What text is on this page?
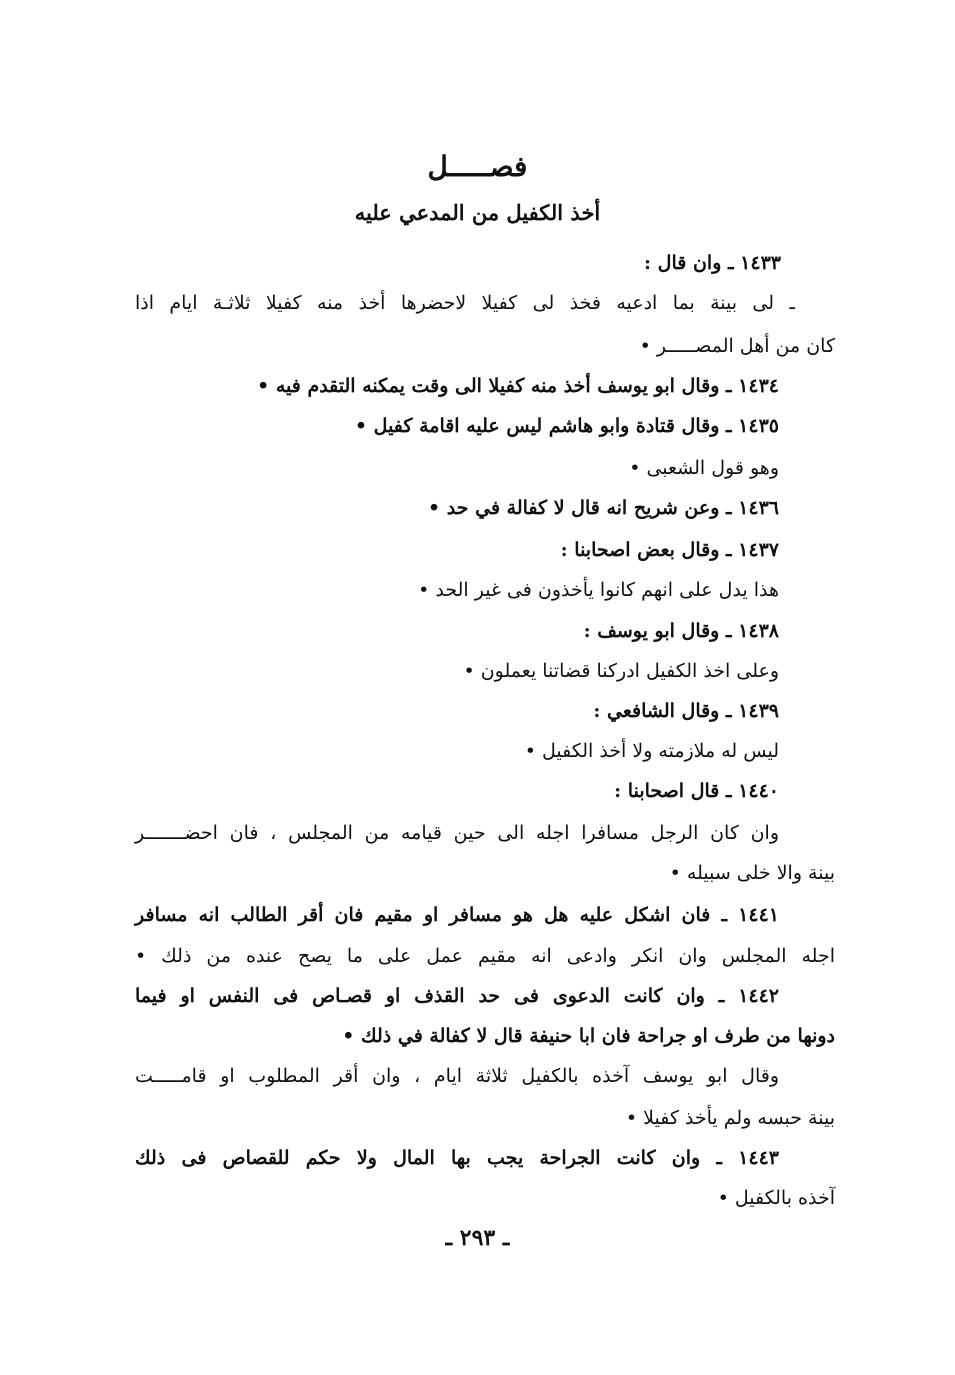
فصـــــل
أخذ الكفيل من المدعي عليه
١٤٣٣ ـ وان قال :
ـ لى بينة بما ادعيه فخذ لى كفيلا لاحضرها أخذ منه كفيلا ثلاثـة ايام اذا
كان من أهل المصـــــر •
١٤٣٤ ـ وقال ابو يوسف أخذ منه كفيلا الى وقت يمكنه التقدم فيه •
١٤٣٥ ـ وقال قتادة وابو هاشم ليس عليه اقامة كفيل •
وهو قول الشعبى •
١٤٣٦ ـ وعن شريح انه قال لا كفالة في حد •
١٤٣٧ ـ وقال بعض اصحابنا :
هذا يدل على انهم كانوا يأخذون فى غير الحد •
١٤٣٨ ـ وقال ابو يوسف :
وعلى اخذ الكفيل ادركنا قضاتنا يعملون •
١٤٣٩ ـ وقال الشافعي :
ليس له ملازمته ولا أخذ الكفيل •
١٤٤٠ ـ قال اصحابنا :
وان كان الرجل مسافرا اجله الى حين قيامه من المجلس ، فان احضـــــــر
بينة والا خلى سبيله •
١٤٤١ ـ فان اشكل عليه هل هو مسافر او مقيم فان أقر الطالب انه مسافر
اجله المجلس وان انكر وادعى انه مقيم عمل على ما يصح عنده من ذلك •
١٤٤٢ ـ وان كانت الدعوى فى حد القذف او قصـاص فى النفس او فيما
دونها من طرف او جراحة فان ابا حنيفة قال لا كفالة في ذلك •
وقال ابو يوسف آخذه بالكفيل ثلاثة ايام ، وان أقر المطلوب او قامـــــت
بينة حبسه ولم يأخذ كفيلا •
١٤٤٣ ـ وان كانت الجراحة يجب بها المال ولا حكم للقصاص فى ذلك
آخذه بالكفيل •
ـ ٢٩٣ ـ
